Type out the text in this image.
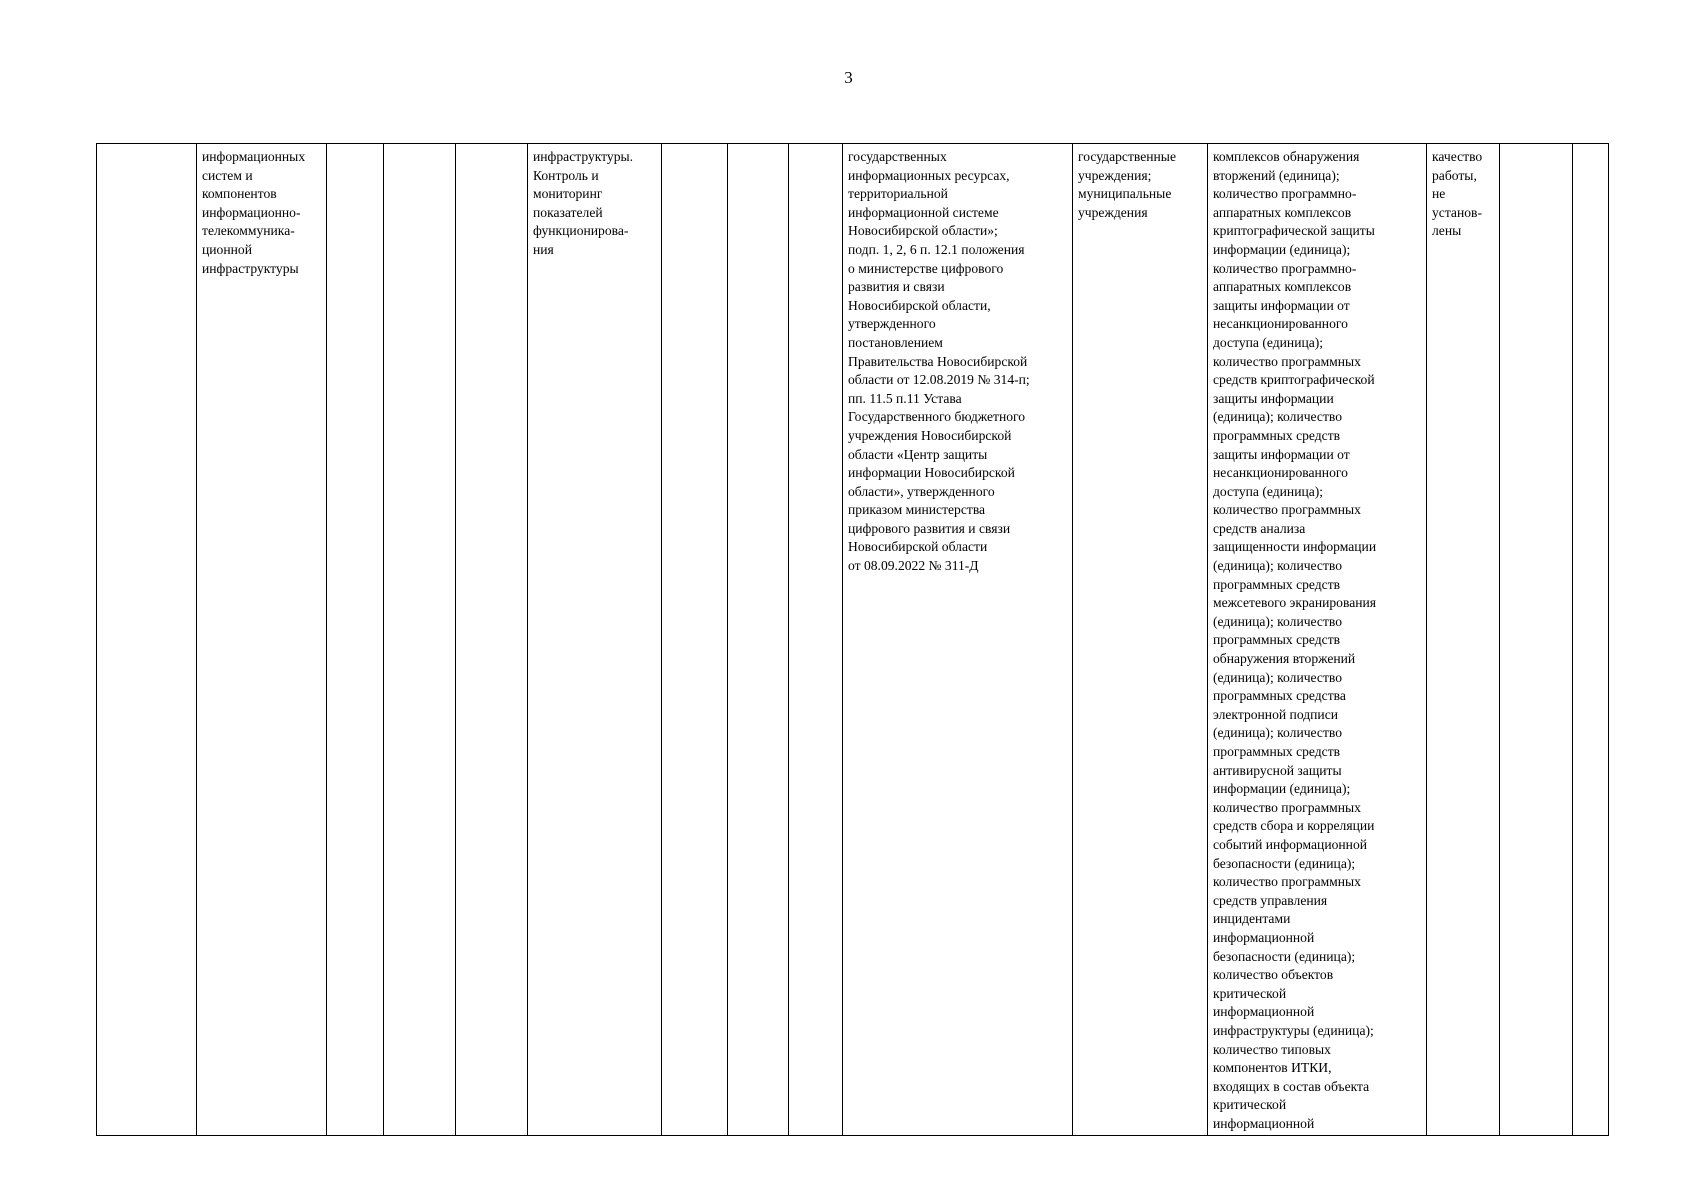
3
	информационных
систем и
компонентов
информационно-
телекоммуника-
ционной
инфраструктуры				инфраструктуры.
Контроль и
мониторинг
показателей
функционирова-
ния				государственных
информационных ресурсах,
территориальной
информационной системе
Новосибирской области»;
подп. 1, 2, 6 п. 12.1 положения
о министерстве цифрового
развития и связи
Новосибирской области,
утвержденного
постановлением
Правительства Новосибирской
области от 12.08.2019 № 314-п;
пп. 11.5 п.11 Устава
Государственного бюджетного
учреждения Новосибирской
области «Центр защиты
информации Новосибирской
области», утвержденного
приказом министерства
цифрового развития и связи
Новосибирской области
от 08.09.2022 № 311-Д	государственные
учреждения;
муниципальные
учреждения	комплексов обнаружения
вторжений (единица);
количество программно-
аппаратных комплексов
криптографической защиты
информации (единица);
количество программно-
аппаратных комплексов
защиты информации от
несанкционированного
доступа (единица);
количество программных
средств криптографической
защиты информации
(единица); количество
программных средств
защиты информации от
несанкционированного
доступа (единица);
количество программных
средств анализа
защищенности информации
(единица); количество
программных средств
межсетевого экранирования
(единица); количество
программных средств
обнаружения вторжений
(единица); количество
программных средства
электронной подписи
(единица); количество
программных средств
антивирусной защиты
информации (единица);
количество программных
средств сбора и корреляции
событий информационной
безопасности (единица);
количество программных
средств управления
инцидентами
информационной
безопасности (единица);
количество объектов
критической
информационной
инфраструктуры (единица);
количество типовых
компонентов ИТКИ,
входящих в состав объекта
критической
информационной	качество
работы,
не
установ-
лены		
